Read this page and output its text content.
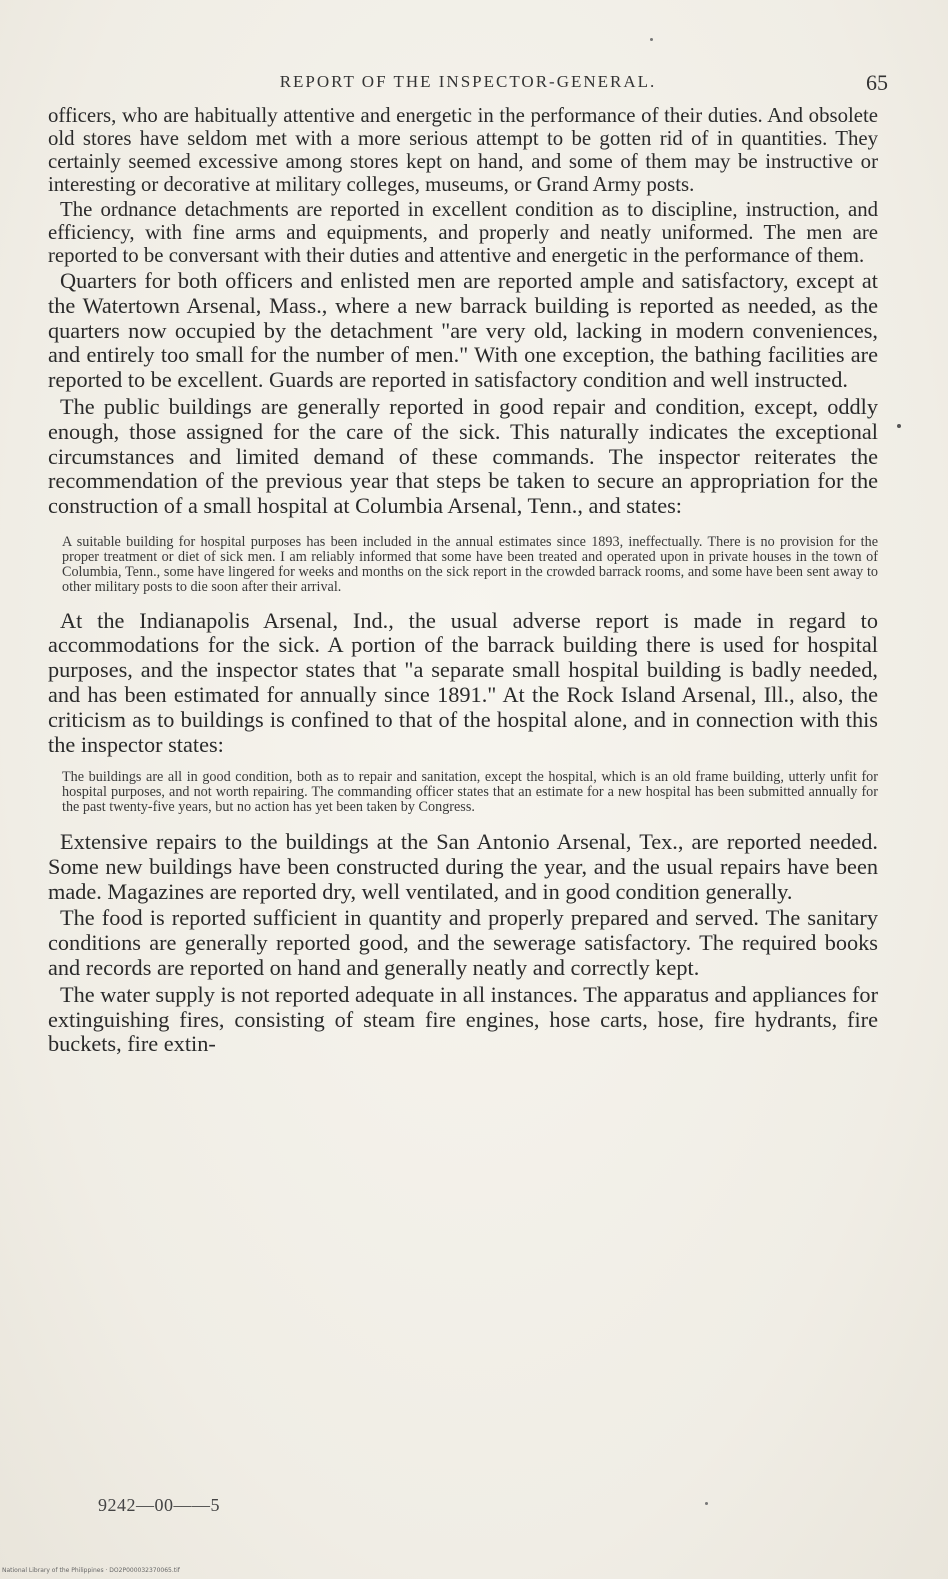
REPORT OF THE INSPECTOR-GENERAL.	65

officers, who are habitually attentive and energetic in the performance of their duties. And obsolete old stores have seldom met with a more serious attempt to be gotten rid of in quantities. They certainly seemed excessive among stores kept on hand, and some of them may be instructive or interesting or decorative at military colleges, museums, or Grand Army posts.

The ordnance detachments are reported in excellent condition as to discipline, instruction, and efficiency, with fine arms and equipments, and properly and neatly uniformed. The men are reported to be conversant with their duties and attentive and energetic in the performance of them.

Quarters for both officers and enlisted men are reported ample and satisfactory, except at the Watertown Arsenal, Mass., where a new barrack building is reported as needed, as the quarters now occupied by the detachment "are very old, lacking in modern conveniences, and entirely too small for the number of men." With one exception, the bathing facilities are reported to be excellent. Guards are reported in satisfactory condition and well instructed.

The public buildings are generally reported in good repair and condition, except, oddly enough, those assigned for the care of the sick. This naturally indicates the exceptional circumstances and limited demand of these commands. The inspector reiterates the recommendation of the previous year that steps be taken to secure an appropriation for the construction of a small hospital at Columbia Arsenal, Tenn., and states:

A suitable building for hospital purposes has been included in the annual estimates since 1893, ineffectually. There is no provision for the proper treatment or diet of sick men. I am reliably informed that some have been treated and operated upon in private houses in the town of Columbia, Tenn., some have lingered for weeks and months on the sick report in the crowded barrack rooms, and some have been sent away to other military posts to die soon after their arrival.

At the Indianapolis Arsenal, Ind., the usual adverse report is made in regard to accommodations for the sick. A portion of the barrack building there is used for hospital purposes, and the inspector states that "a separate small hospital building is badly needed, and has been estimated for annually since 1891." At the Rock Island Arsenal, Ill., also, the criticism as to buildings is confined to that of the hospital alone, and in connection with this the inspector states:

The buildings are all in good condition, both as to repair and sanitation, except the hospital, which is an old frame building, utterly unfit for hospital purposes, and not worth repairing. The commanding officer states that an estimate for a new hospital has been submitted annually for the past twenty-five years, but no action has yet been taken by Congress.

Extensive repairs to the buildings at the San Antonio Arsenal, Tex., are reported needed. Some new buildings have been constructed during the year, and the usual repairs have been made. Magazines are reported dry, well ventilated, and in good condition generally.

The food is reported sufficient in quantity and properly prepared and served. The sanitary conditions are generally reported good, and the sewerage satisfactory. The required books and records are reported on hand and generally neatly and correctly kept.

The water supply is not reported adequate in all instances. The apparatus and appliances for extinguishing fires, consisting of steam fire engines, hose carts, hose, fire hydrants, fire buckets, fire extin-

9242—00——5
National Library of the Philippines · DO2P000032370065.tif
